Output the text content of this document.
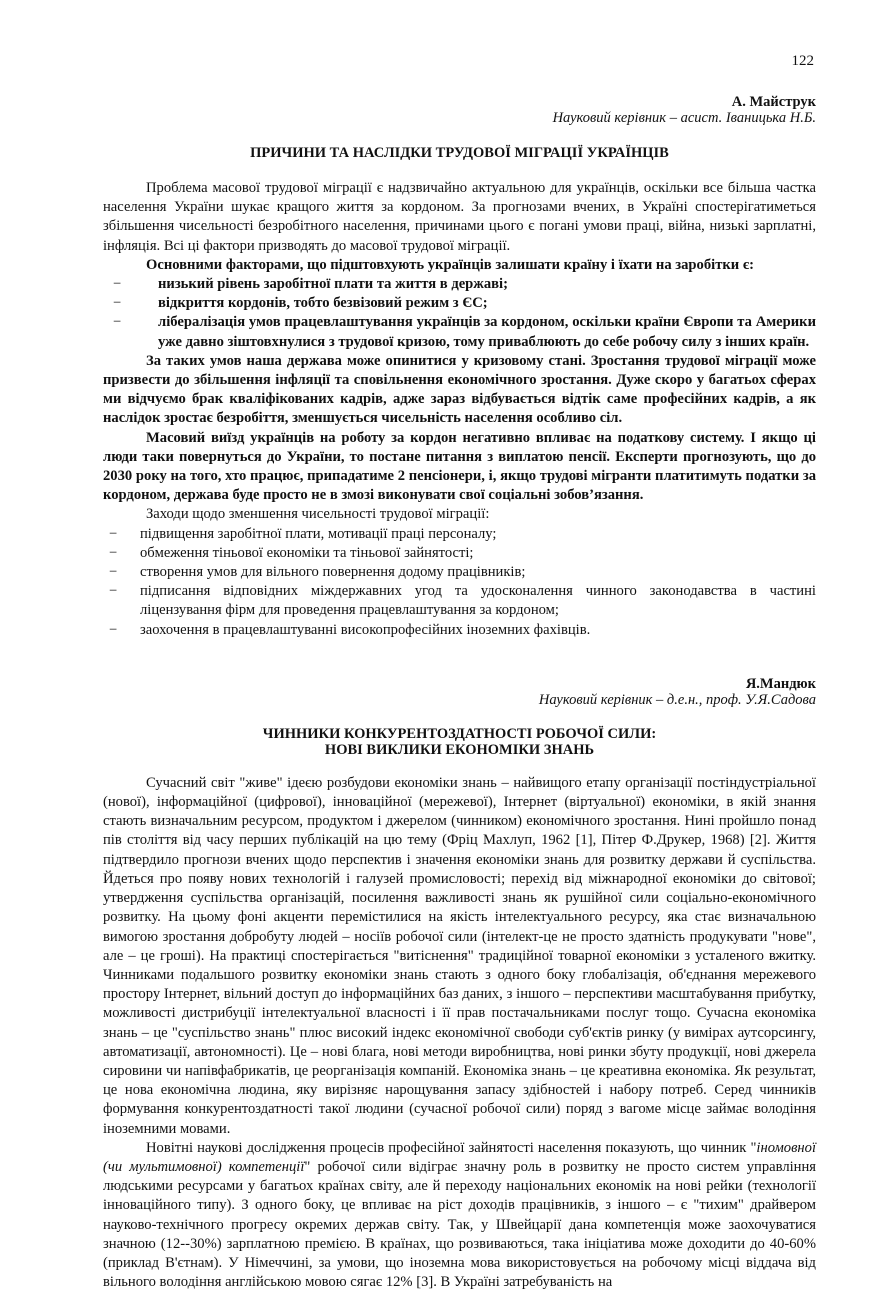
122
А. Майструк
Науковий керівник – асист. Іваницька Н.Б.
ПРИЧИНИ ТА НАСЛІДКИ ТРУДОВОЇ МІГРАЦІЇ УКРАЇНЦІВ

Проблема масової трудової міграції є надзвичайно актуальною для українців, оскільки все більша частка населення України шукає кращого життя за кордоном. За прогнозами вчених, в Україні спостерігатиметься збільшення чисельності безробітного населення, причинами цього є погані умови праці, війна, низькі зарплатні, інфляція. Всі ці фактори призводять до масової трудової міграції.

Основними факторами, що підштовхують українців залишати країну і їхати на заробітки є:

− низький рівень заробітної плати та життя в державі;
− відкриття кордонів, тобто безвізовий режим з ЄС;
− лібералізація умов працевлаштування українців за кордоном, оскільки країни Європи та Америки уже давно зіштовхнулися з трудової кризою, тому приваблюють до себе робочу силу з інших країн.

За таких умов наша держава може опинитися у кризовому стані. Зростання трудової міграції може призвести до збільшення інфляції та сповільнення економічного зростання. Дуже скоро у багатьох сферах ми відчуємо брак кваліфікованих кадрів, адже зараз відбувається відтік саме професійних кадрів, а як наслідок зростає безробіття, зменшується чисельність населення особливо сіл.

Масовий виїзд українців на роботу за кордон негативно впливає на податкову систему. І якщо ці люди таки повернуться до України, то постане питання з виплатою пенсії. Експерти прогнозують, що до 2030 року на того, хто працює, припадатиме 2 пенсіонери, і, якщо трудові мігранти платитимуть податки за кордоном, держава буде просто не в змозі виконувати свої соціальні зобов’язання.

Заходи щодо зменшення чисельності трудової міграції:

− підвищення заробітної плати, мотивації праці персоналу;
− обмеження тіньової економіки та тіньової зайнятості;
− створення умов для вільного повернення додому працівників;
− підписання відповідних міждержавних угод та удосконалення чинного законодавства в частині ліцензування фірм для проведення працевлаштування за кордоном;
− заохочення в працевлаштуванні високопрофесійних іноземних фахівців.
Я.Мандюк
Науковий керівник – д.е.н., проф. У.Я.Садова
ЧИННИКИ КОНКУРЕНТОЗДАТНОСТІ РОБОЧОЇ СИЛИ:
НОВІ ВИКЛИКИ ЕКОНОМІКИ ЗНАНЬ

Сучасний світ "живе" ідеєю розбудови економіки знань – найвищого етапу організації постіндустріальної (нової), інформаційної (цифрової), інноваційної (мережевої), Інтернет (віртуальної) економіки, в якій знання стають визначальним ресурсом, продуктом і джерелом (чинником) економічного зростання. Нині пройшло понад пів століття від часу перших публікацій на цю тему (Фріц Махлуп, 1962 [1], Пітер Ф.Друкер, 1968) [2]. Життя підтвердило прогнози вчених щодо перспектив і значення економіки знань для розвитку держави й суспільства. Йдеться про появу нових технологій і галузей промисловості; перехід від міжнародної економіки до світової; утвердження суспільства організацій, посилення важливості знань як рушійної сили соціально-економічного розвитку. На цьому фоні акценти перемістилися на якість інтелектуального ресурсу, яка стає визначальною вимогою зростання добробуту людей – носіїв робочої сили (інтелект-це не просто здатність продукувати "нове", але – це гроші). На практиці спостерігається "витіснення" традиційної товарної економіки з усталеного вжитку. Чинниками подальшого розвитку економіки знань стають з одного боку глобалізація, об'єднання мережевого простору Інтернет, вільний доступ до інформаційних баз даних, з іншого – перспективи масштабування прибутку, можливості дистрибуції інтелектуальної власності і її прав постачальниками послуг тощо. Сучасна економіка знань – це "суспільство знань" плюс високий індекс економічної свободи суб'єктів ринку (у вимірах аутсорсингу, автоматизації, автономності). Це – нові блага, нові методи виробництва, нові ринки збуту продукції, нові джерела сировини чи напівфабрикатів, це реорганізація компаній. Економіка знань – це креативна економіка. Як результат, це нова економічна людина, яку вирізняє нарощування запасу здібностей і набору потреб. Серед чинників формування конкурентоздатності такої людини (сучасної робочої сили) поряд з вагоме місце займає володіння іноземними мовами.

Новітні наукові дослідження процесів професійної зайнятості населення показують, що чинник "іномовної (чи мультимовної) компетенції" робочої сили відіграє значну роль в розвитку не просто систем управління людськими ресурсами у багатьох країнах світу, але й переходу національних економік на нові рейки (технології інноваційного типу). З одного боку, це впливає на ріст доходів працівників, з іншого – є "тихим" драйвером науково-технічного прогресу окремих держав світу. Так, у Швейцарії дана компетенція може заохочуватися значною (12--30%) зарплатною премією. В країнах, що розвиваються, така ініціатива може доходити до 40-60% (приклад В'єтнам). У Німеччині, за умови, що іноземна мова використовується на робочому місці віддача від вільного володіння англійською мовою сягає 12% [3]. В Україні затребуваність на
